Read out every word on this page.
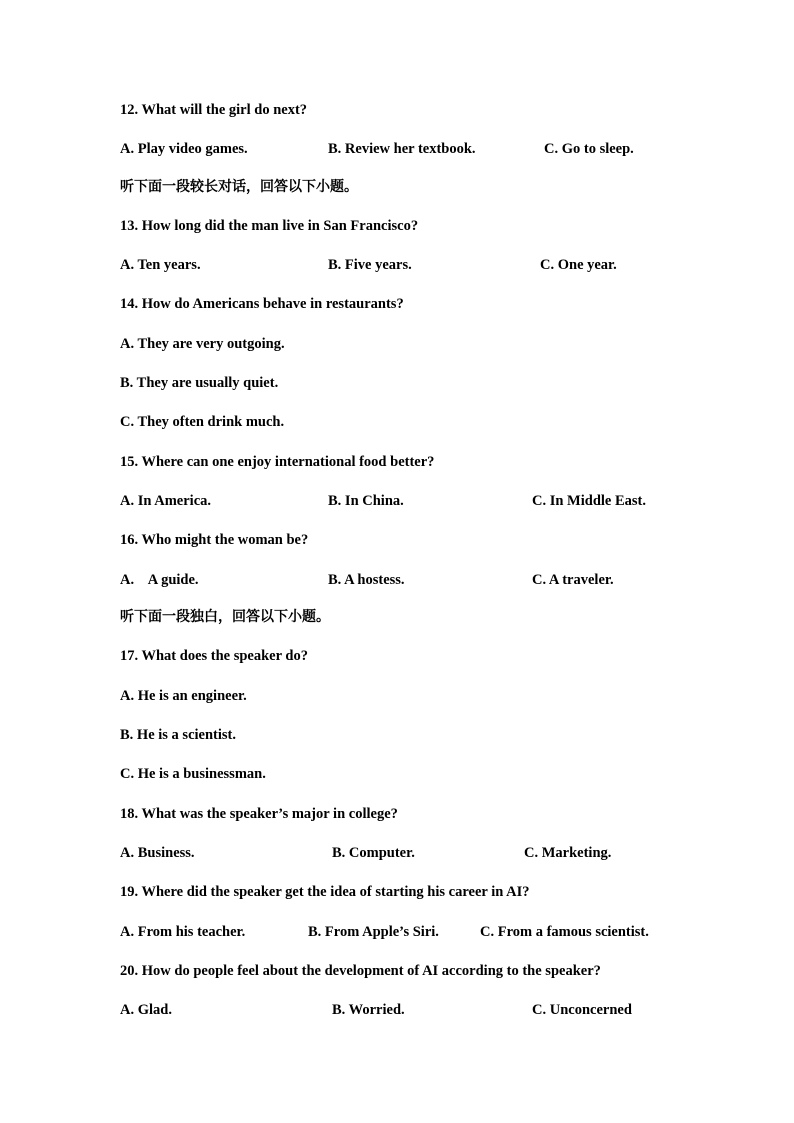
12. What will the girl do next?
A. Play video games.	B. Review her textbook.	C. Go to sleep.
听下面一段较长对话，回答以下小题。
13. How long did the man live in San Francisco?
A. Ten years.	B. Five years.	C. One year.
14. How do Americans behave in restaurants?
A. They are very outgoing.
B. They are usually quiet.
C. They often drink much.
15. Where can one enjoy international food better?
A. In America.	B. In China.	C. In Middle East.
16. Who might the woman be?
A.    A guide.	B. A hostess.	C. A traveler.
听下面一段独白，回答以下小题。
17. What does the speaker do?
A. He is an engineer.
B. He is a scientist.
C. He is a businessman.
18. What was the speaker’s major in college?
A. Business.	B. Computer.	C. Marketing.
19. Where did the speaker get the idea of starting his career in AI?
A. From his teacher.	B. From Apple’s Siri.	C. From a famous scientist.
20. How do people feel about the development of AI according to the speaker?
A. Glad.	B. Worried.	C. Unconcerned
